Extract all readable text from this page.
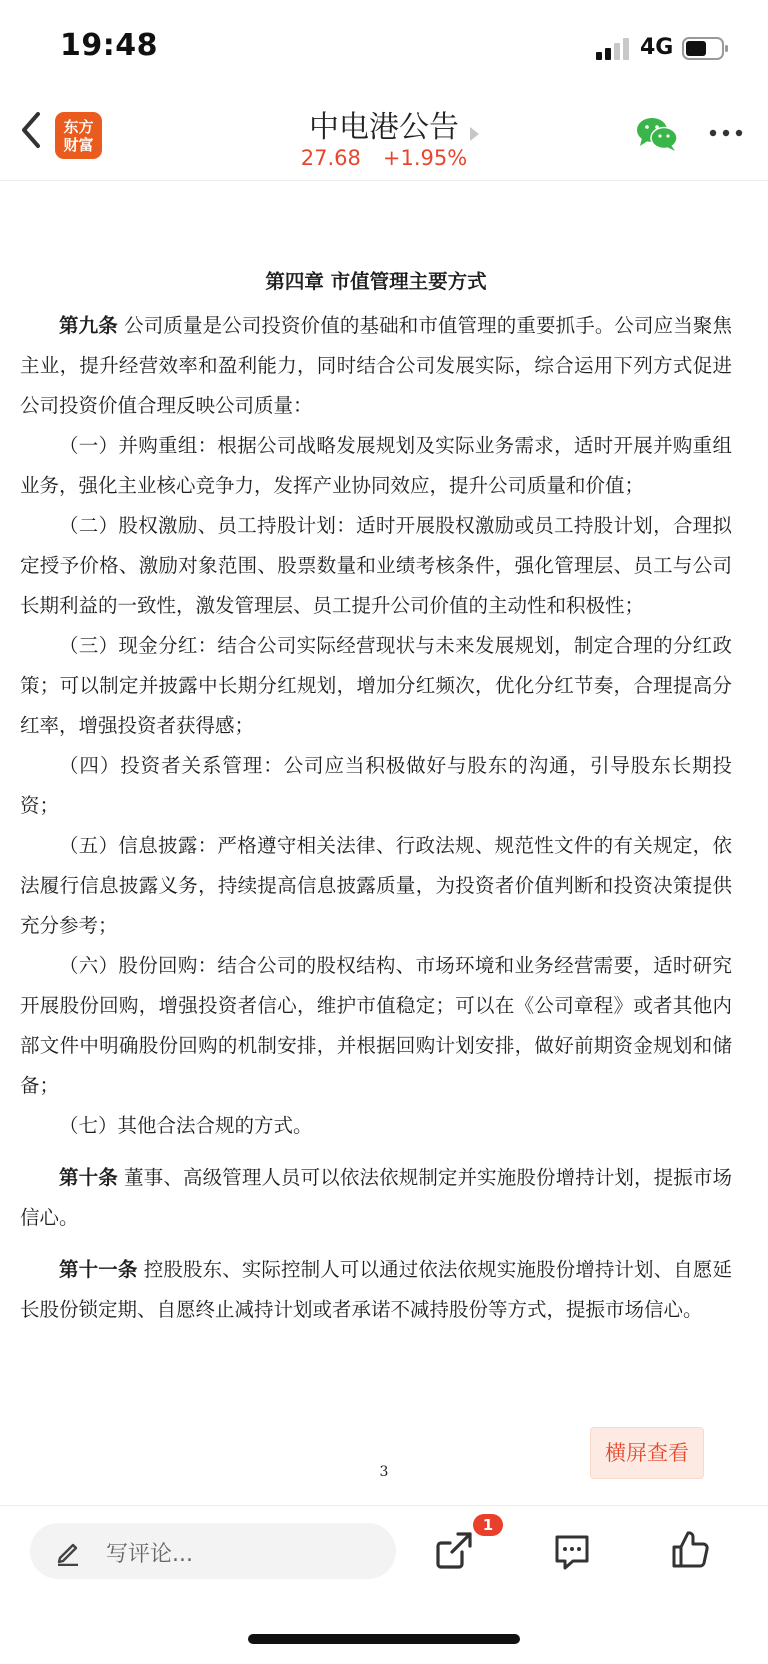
19:48	4G
东方
财富	中电港公告
27.68 +1.95%
第四章 市值管理主要方式

第九条 公司质量是公司投资价值的基础和市值管理的重要抓手。公司应当聚焦主业，提升经营效率和盈利能力，同时结合公司发展实际，综合运用下列方式促进公司投资价值合理反映公司质量：

（一）并购重组：根据公司战略发展规划及实际业务需求，适时开展并购重组业务，强化主业核心竞争力，发挥产业协同效应，提升公司质量和价值；

（二）股权激励、员工持股计划：适时开展股权激励或员工持股计划，合理拟定授予价格、激励对象范围、股票数量和业绩考核条件，强化管理层、员工与公司长期利益的一致性，激发管理层、员工提升公司价值的主动性和积极性；

（三）现金分红：结合公司实际经营现状与未来发展规划，制定合理的分红政策；可以制定并披露中长期分红规划，增加分红频次，优化分红节奏，合理提高分红率，增强投资者获得感；

（四）投资者关系管理：公司应当积极做好与股东的沟通，引导股东长期投资；

（五）信息披露：严格遵守相关法律、行政法规、规范性文件的有关规定，依法履行信息披露义务，持续提高信息披露质量，为投资者价值判断和投资决策提供充分参考；

（六）股份回购：结合公司的股权结构、市场环境和业务经营需要，适时研究开展股份回购，增强投资者信心，维护市值稳定；可以在《公司章程》或者其他内部文件中明确股份回购的机制安排，并根据回购计划安排，做好前期资金规划和储备；

（七）其他合法合规的方式。

第十条 董事、高级管理人员可以依法依规制定并实施股份增持计划，提振市场信心。

第十一条 控股股东、实际控制人可以通过依法依规实施股份增持计划、自愿延长股份锁定期、自愿终止减持计划或者承诺不减持股份等方式，提振市场信心。

横屏查看
3
写评论...
1
